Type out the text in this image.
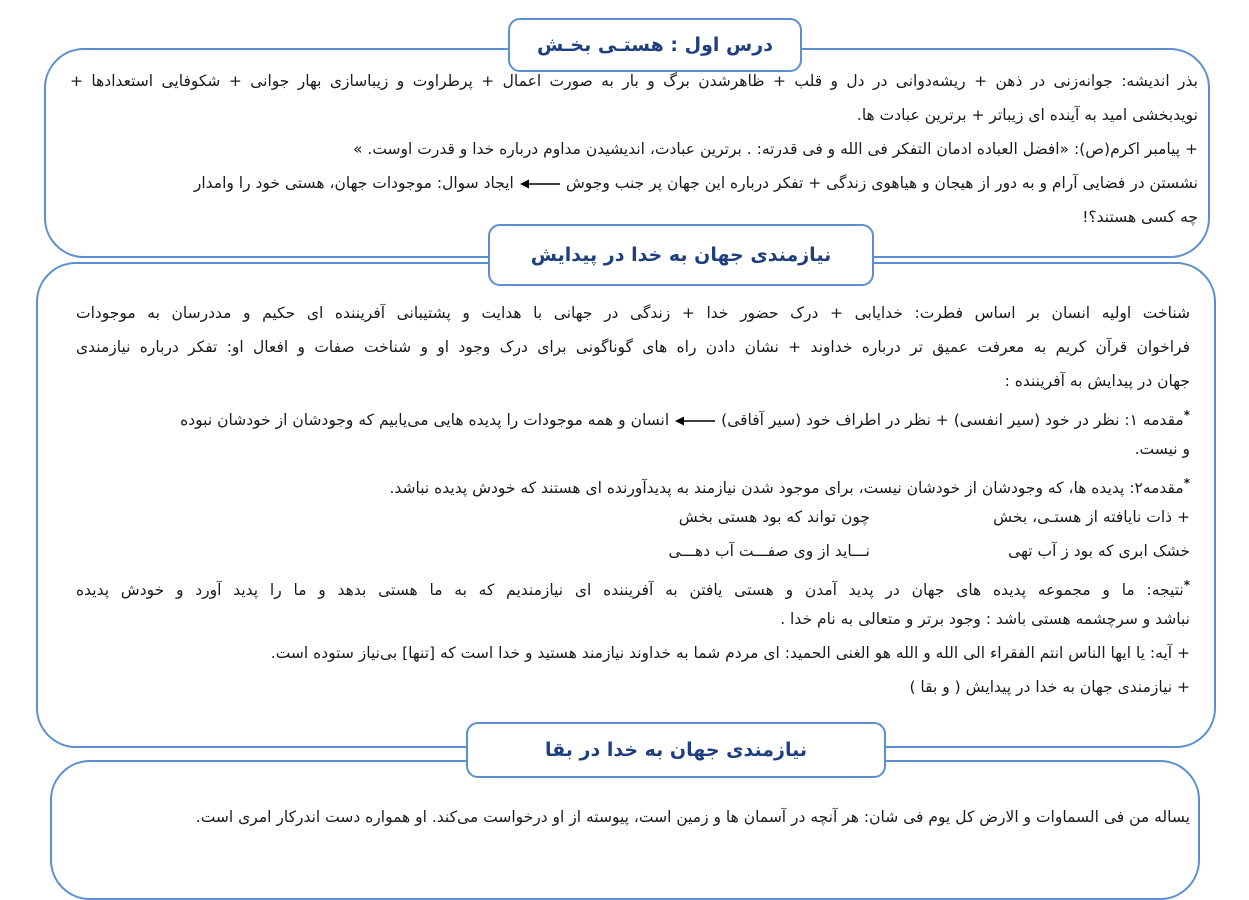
درس اول : هستـی بخـش
بذر اندیشه: جوانه‌زنی در ذهن + ریشه‌دوانی در دل و قلب + ظاهرشدن برگ و بار به صورت اعمال + پرطراوت و زیباسازی بهار جوانی + شکوفایی استعدادها +
نویدبخشی امید به آینده ای زیباتر + برترین عبادت ها.
+ پیامبر اکرم(ص): «افضل العباده ادمان التفکر فی الله و فی قدرته: . برترین عبادت، اندیشیدن مداوم درباره خدا و قدرت اوست. »
نشستن در فضایی آرام و به دور از هیجان و هیاهوی زندگی + تفکر درباره این جهان پر جنب وجوش
ایجاد سوال: موجودات جهان، هستی خود را وامدار
چه کسی هستند؟!
نیازمندی جهان به خدا در پیدایش
شناخت اولیه انسان بر اساس فطرت: خدایابی + درک حضور خدا + زندگی در جهانی با هدایت و پشتیبانی آفریننده ای حکیم و مددرسان به موجودات
فراخوان قرآن کریم به معرفت عمیق تر درباره خداوند + نشان دادن راه های گوناگونی برای درک وجود او و شناخت صفات و افعال او: تفکر درباره نیازمندی
جهان در پیدایش به آفریننده :
*مقدمه ۱: نظر در خود (سیر انفسی) + نظر در اطراف خود (سیر آفاقی)
انسان و همه موجودات را پدیده هایی می‌یابیم که وجودشان از خودشان نبوده
و نیست.
*مقدمه۲: پدیده ها، که وجودشان از خودشان نیست، برای موجود شدن نیازمند به پدیدآورنده ای هستند که خودش پدیده نباشد.
+ ذات نایافته از هستـی، بخش
چون تواند که بود هستی بخش
خشک ابری که بود ز آب تهی
نـــاید از وی صفـــت آب دهـــی
*نتیجه: ما و مجموعه پدیده های جهان در پدید آمدن و هستی یافتن به آفریننده ای نیازمندیم که به ما هستی بدهد و ما را پدید آورد و خودش پدیده
نباشد و سرچشمه هستی باشد : وجود برتر و متعالی به نام خدا .
+ آیه: یا ایها الناس انتم الفقراء الی الله و الله هو الغنی الحمید: ای مردم شما به خداوند نیازمند هستید و خدا است که [تنها] بی‌نیاز ستوده است.
+ نیازمندی جهان به خدا در پیدایش ( و بقا )
نیازمندی جهان به خدا در بقا
یساله من فی السماوات و الارض کل یوم فی شان: هر آنچه در آسمان ها و زمین است، پیوسته از او درخواست می‌کند. او همواره دست اندرکار امری است.
